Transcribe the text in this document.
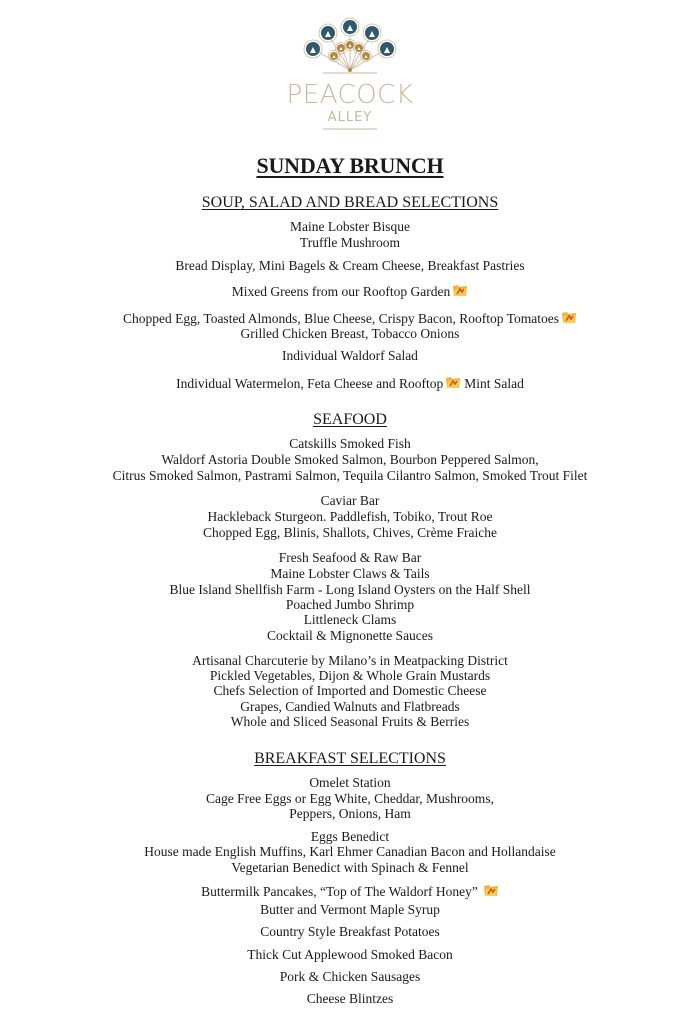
PEACOCK
ALLEY
SUNDAY BRUNCH
SOUP, SALAD AND BREAD SELECTIONS
Maine Lobster Bisque
Truffle Mushroom
Bread Display, Mini Bagels & Cream Cheese, Breakfast Pastries
Mixed Greens from our Rooftop Garden
Chopped Egg, Toasted Almonds, Blue Cheese, Crispy Bacon, Rooftop Tomatoes
Grilled Chicken Breast, Tobacco Onions
Individual Waldorf Salad
Individual Watermelon, Feta Cheese and Rooftop Mint Salad
SEAFOOD
Catskills Smoked Fish
Waldorf Astoria Double Smoked Salmon, Bourbon Peppered Salmon,
Citrus Smoked Salmon, Pastrami Salmon, Tequila Cilantro Salmon, Smoked Trout Filet
Caviar Bar
Hackleback Sturgeon. Paddlefish, Tobiko, Trout Roe
Chopped Egg, Blinis, Shallots, Chives, Crème Fraiche
Fresh Seafood & Raw Bar
Maine Lobster Claws & Tails
Blue Island Shellfish Farm - Long Island Oysters on the Half Shell
Poached Jumbo Shrimp
Littleneck Clams
Cocktail & Mignonette Sauces
Artisanal Charcuterie by Milano’s in Meatpacking District
Pickled Vegetables, Dijon & Whole Grain Mustards
Chefs Selection of Imported and Domestic Cheese
Grapes, Candied Walnuts and Flatbreads
Whole and Sliced Seasonal Fruits & Berries
BREAKFAST SELECTIONS
Omelet Station
Cage Free Eggs or Egg White, Cheddar, Mushrooms,
Peppers, Onions, Ham
Eggs Benedict
House made English Muffins, Karl Ehmer Canadian Bacon and Hollandaise
Vegetarian Benedict with Spinach & Fennel
Buttermilk Pancakes, “Top of The Waldorf Honey”
Butter and Vermont Maple Syrup
Country Style Breakfast Potatoes
Thick Cut Applewood Smoked Bacon
Pork & Chicken Sausages
Cheese Blintzes
